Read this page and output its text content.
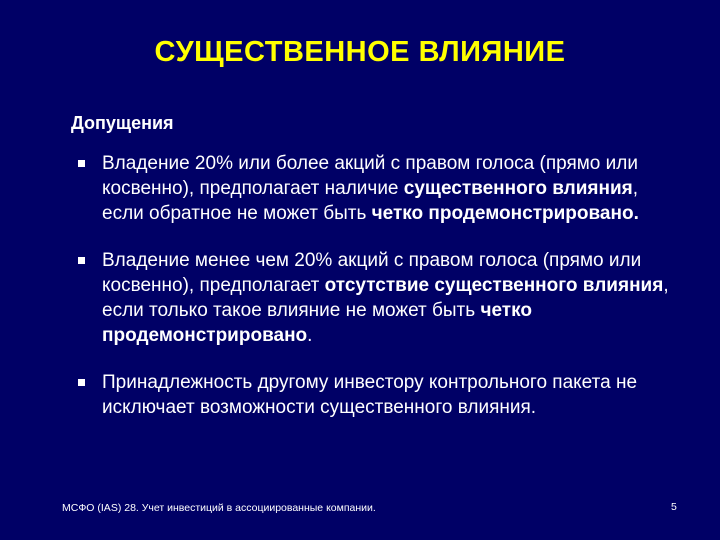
СУЩЕСТВЕННОЕ ВЛИЯНИЕ
Допущения
Владение 20% или более акций с правом голоса (прямо или косвенно), предполагает наличие существенного влияния, если обратное не может быть четко продемонстрировано.
Владение менее чем 20% акций с правом голоса (прямо или косвенно), предполагает отсутствие существенного влияния, если только такое влияние не может быть четко продемонстрировано.
Принадлежность другому инвестору контрольного пакета не исключает возможности существенного влияния.
МСФО (IAS) 28. Учет инвестиций в ассоциированные компании.	5
